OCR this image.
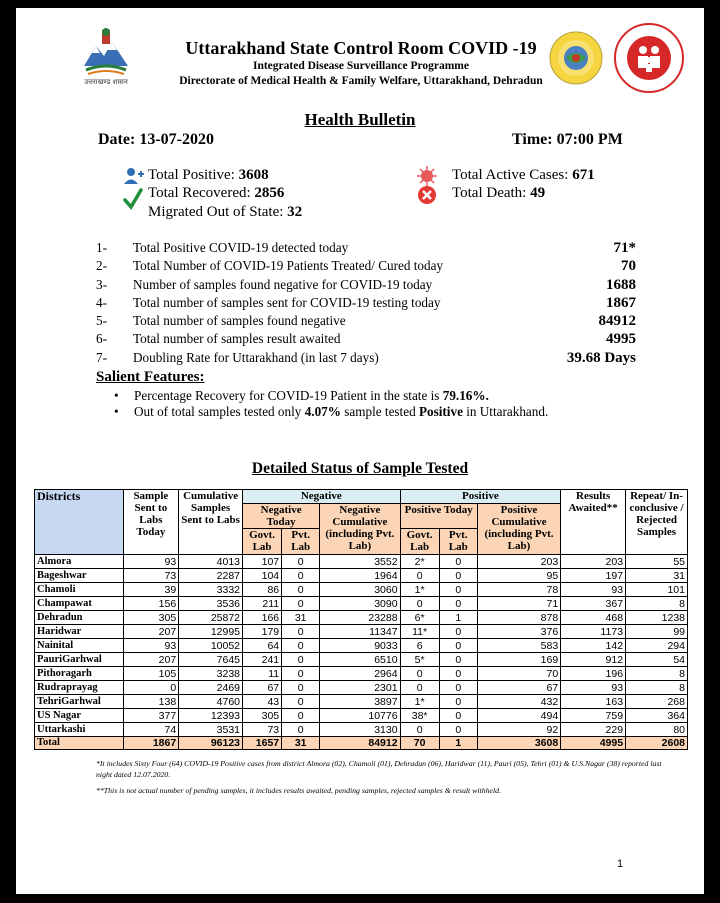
उत्तराखण्ड शासन
Uttarakhand State Control Room COVID -19
Integrated Disease Surveillance Programme
Directorate of Medical Health & Family Welfare, Uttarakhand, Dehradun
Health Bulletin
Date: 13-07-2020	Time: 07:00 PM
Total Positive: 3608
Total Recovered: 2856
Migrated Out of State: 32
Total Active Cases: 671
Total Death: 49
1- Total Positive COVID-19 detected today	71*
2- Total Number of COVID-19 Patients Treated/ Cured today	70
3- Number of samples found negative for COVID-19 today	1688
4- Total number of samples sent for COVID-19 testing today	1867
5- Total number of samples found negative	84912
6- Total number of samples result awaited	4995
7- Doubling Rate for Uttarakhand (in last 7 days)	39.68 Days
Salient Features:
• Percentage Recovery for COVID-19 Patient in the state is 79.16%.
• Out of total samples tested only 4.07% sample tested Positive in Uttarakhand.
Detailed Status of Sample Tested
Districts	Sample Sent to Labs Today	Cumulative Samples Sent to Labs	Negative			Positive			Results Awaited**	Repeat/ In-conclusive / Rejected Samples
			Negative Today		Negative Cumulative (including Pvt. Lab)	Positive Today		Positive Cumulative (including Pvt. Lab)		
			Govt. Lab	Pvt. Lab		Govt. Lab	Pvt. Lab			
Almora	93	4013	107	0	3552	2*	0	203	203	55
Bageshwar	73	2287	104	0	1964	0	0	95	197	31
Chamoli	39	3332	86	0	3060	1*	0	78	93	101
Champawat	156	3536	211	0	3090	0	0	71	367	8
Dehradun	305	25872	166	31	23288	6*	1	878	468	1238
Haridwar	207	12995	179	0	11347	11*	0	376	1173	99
Nainital	93	10052	64	0	9033	6	0	583	142	294
PauriGarhwal	207	7645	241	0	6510	5*	0	169	912	54
Pithoragarh	105	3238	11	0	2964	0	0	70	196	8
Rudraprayag	0	2469	67	0	2301	0	0	67	93	8
TehriGarhwal	138	4760	43	0	3897	1*	0	432	163	268
US Nagar	377	12393	305	0	10776	38*	0	494	759	364
Uttarkashi	74	3531	73	0	3130	0	0	92	229	80
Total	1867	96123	1657	31	84912	70	1	3608	4995	2608
*It includes Sixty Four (64) COVID-19 Positive cases from district Almora (02), Chamoli (01), Dehradun (06), Haridwar (11), Pauri (05), Tehri (01) & U.S.Nagar (38) reported last night dated 12.07.2020.
**This is not actual number of pending samples, it includes results awaited, pending samples, rejected samples & result withheld.
1
